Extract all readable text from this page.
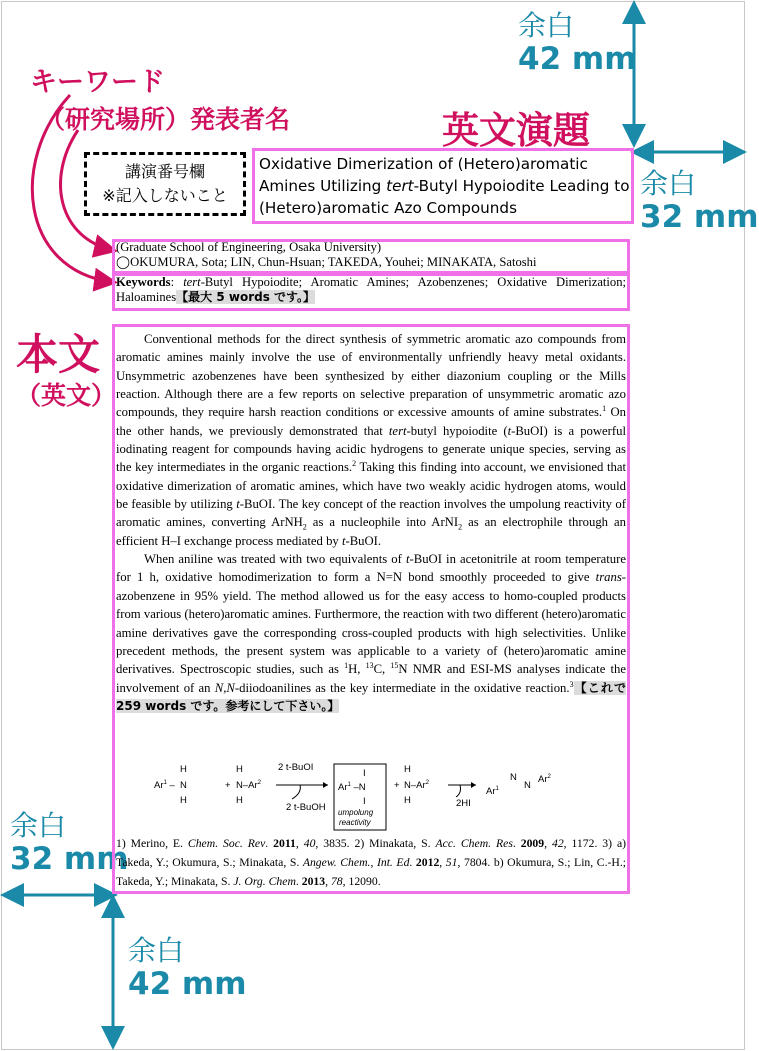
キーワード
（研究場所）発表者名	英文演題
本文
（英文）
余白
42 mm
余白
32 mm
余白
32 mm
余白
42 mm
講演番号欄
※記入しないこと
Oxidative Dimerization of (Hetero)aromatic
Amines Utilizing tert-Butyl Hypoiodite Leading to
(Hetero)aromatic Azo Compounds
(Graduate School of Engineering, Osaka University)
◯OKUMURA, Sota; LIN, Chun-Hsuan; TAKEDA, Youhei; MINAKATA, Satoshi
Keywords: tert-Butyl Hypoiodite; Aromatic Amines; Azobenzenes; Oxidative Dimerization; Haloamines【最大 5 words です。】

Conventional methods for the direct synthesis of symmetric aromatic azo compounds from aromatic amines mainly involve the use of environmentally unfriendly heavy metal oxidants. Unsymmetric azobenzenes have been synthesized by either diazonium coupling or the Mills reaction. Although there are a few reports on selective preparation of unsymmetric aromatic azo compounds, they require harsh reaction conditions or excessive amounts of amine substrates.$^1$ On the other hands, we previously demonstrated that tert-butyl hypoiodite (t-BuOI) is a powerful iodinating reagent for compounds having acidic hydrogens to generate unique species, serving as the key intermediates in the organic reactions.$^2$ Taking this finding into account, we envisioned that oxidative dimerization of aromatic amines, which have two weakly acidic hydrogen atoms, would be feasible by utilizing t-BuOI. The key concept of the reaction involves the umpolung reactivity of aromatic amines, converting ArNH$_2$ as a nucleophile into ArNI$_2$ as an electrophile through an efficient H–I exchange process mediated by t-BuOI.

When aniline was treated with two equivalents of t-BuOI in acetonitrile at room temperature for 1 h, oxidative homodimerization to form a N=N bond smoothly proceeded to give trans-azobenzene in 95% yield. The method allowed us for the easy access to homo-coupled products from various (hetero)aromatic amines. Furthermore, the reaction with two different (hetero)aromatic amine derivatives gave the corresponding cross-coupled products with high selectivities. Unlike precedent methods, the present system was applicable to a variety of (hetero)aromatic amine derivatives. Spectroscopic studies, such as $^1$H, $^{13}$C, $^{15}$N NMR and ESI-MS analyses indicate the involvement of an N,N-diiodoanilines as the key intermediate in the oxidative reaction.$^3$【これで 259 words です。参考にして下さい。】

H
Ar$^1$ – N
H
+
H
N–Ar$^2$
H
2 t-BuOI
2 t-BuOH
I
Ar$^1$ –N
I
umpolung
reactivity
+
H
N–Ar$^2$
H	2HI
Ar$^1$
N
N
Ar$^2$
1) Merino, E. Chem. Soc. Rev. 2011, 40, 3835. 2) Minakata, S. Acc. Chem. Res. 2009, 42, 1172. 3) a) Takeda, Y.; Okumura, S.; Minakata, S. Angew. Chem., Int. Ed. 2012, 51, 7804. b) Okumura, S.; Lin, C.-H.; Takeda, Y.; Minakata, S. J. Org. Chem. 2013, 78, 12090.
